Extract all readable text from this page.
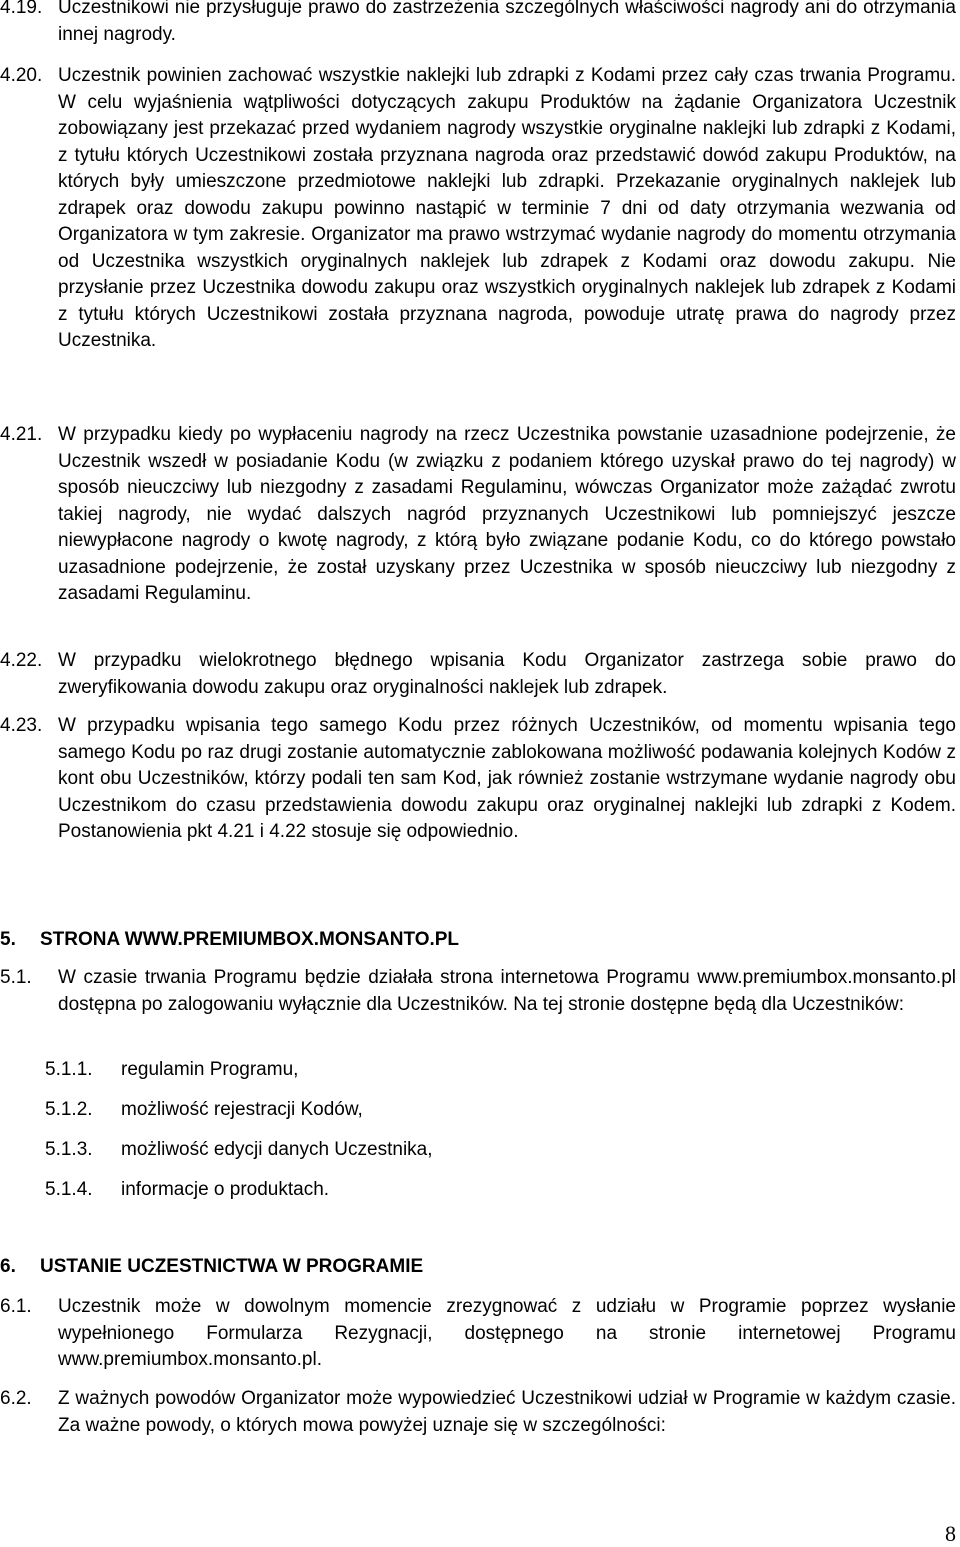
4.19. Uczestnikowi nie przysługuje prawo do zastrzeżenia szczególnych właściwości nagrody ani do otrzymania innej nagrody.
4.20. Uczestnik powinien zachować wszystkie naklejki lub zdrapki z Kodami przez cały czas trwania Programu. W celu wyjaśnienia wątpliwości dotyczących zakupu Produktów na żądanie Organizatora Uczestnik zobowiązany jest przekazać przed wydaniem nagrody wszystkie oryginalne naklejki lub zdrapki z Kodami, z tytułu których Uczestnikowi została przyznana nagroda oraz przedstawić dowód zakupu Produktów, na których były umieszczone przedmiotowe naklejki lub zdrapki. Przekazanie oryginalnych naklejek lub zdrapek oraz dowodu zakupu powinno nastąpić w terminie 7 dni od daty otrzymania wezwania od Organizatora w tym zakresie. Organizator ma prawo wstrzymać wydanie nagrody do momentu otrzymania od Uczestnika wszystkich oryginalnych naklejek lub zdrapek z Kodami oraz dowodu zakupu. Nie przysłanie przez Uczestnika dowodu zakupu oraz wszystkich oryginalnych naklejek lub zdrapek z Kodami z tytułu których Uczestnikowi została przyznana nagroda, powoduje utratę prawa do nagrody przez Uczestnika.
4.21. W przypadku kiedy po wypłaceniu nagrody na rzecz Uczestnika powstanie uzasadnione podejrzenie, że Uczestnik wszedł w posiadanie Kodu (w związku z podaniem którego uzyskał prawo do tej nagrody) w sposób nieuczciwy lub niezgodny z zasadami Regulaminu, wówczas Organizator może zażądać zwrotu takiej nagrody, nie wydać dalszych nagród przyznanych Uczestnikowi lub pomniejszyć jeszcze niewypłacone nagrody o kwotę nagrody, z którą było związane podanie Kodu, co do którego powstało uzasadnione podejrzenie, że został uzyskany przez Uczestnika w sposób nieuczciwy lub niezgodny z zasadami Regulaminu.
4.22. W przypadku wielokrotnego błędnego wpisania Kodu Organizator zastrzega sobie prawo do zweryfikowania dowodu zakupu oraz oryginalności naklejek lub zdrapek.
4.23. W przypadku wpisania tego samego Kodu przez różnych Uczestników, od momentu wpisania tego samego Kodu po raz drugi zostanie automatycznie zablokowana możliwość podawania kolejnych Kodów z kont obu Uczestników, którzy podali ten sam Kod, jak również zostanie wstrzymane wydanie nagrody obu Uczestnikom do czasu przedstawienia dowodu zakupu oraz oryginalnej naklejki lub zdrapki z Kodem. Postanowienia pkt 4.21 i 4.22 stosuje się odpowiednio.
5. STRONA WWW.PREMIUMBOX.MONSANTO.PL
5.1. W czasie trwania Programu będzie działała strona internetowa Programu www.premiumbox.monsanto.pl dostępna po zalogowaniu wyłącznie dla Uczestników. Na tej stronie dostępne będą dla Uczestników:
5.1.1. regulamin Programu,
5.1.2. możliwość rejestracji Kodów,
5.1.3. możliwość edycji danych Uczestnika,
5.1.4. informacje o produktach.
6. USTANIE UCZESTNICTWA W PROGRAMIE
6.1. Uczestnik może w dowolnym momencie zrezygnować z udziału w Programie poprzez wysłanie wypełnionego Formularza Rezygnacji, dostępnego na stronie internetowej Programu www.premiumbox.monsanto.pl.
6.2. Z ważnych powodów Organizator może wypowiedzieć Uczestnikowi udział w Programie w każdym czasie. Za ważne powody, o których mowa powyżej uznaje się w szczególności:
8
